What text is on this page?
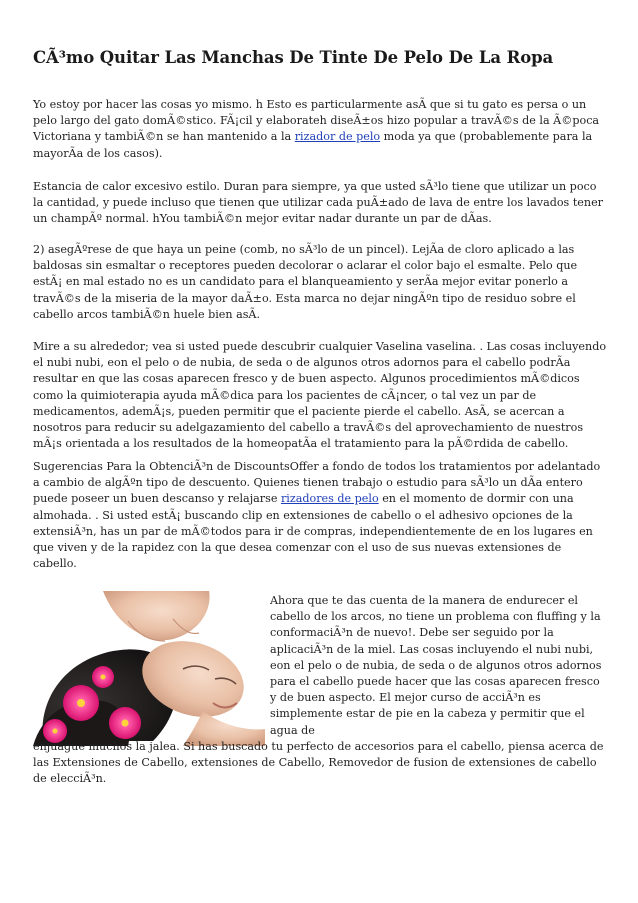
CÃ³mo Quitar Las Manchas De Tinte De Pelo De La Ropa

Yo estoy por hacer las cosas yo mismo. h Esto es particularmente asÃ que si tu gato es persa o un pelo largo del gato domÃ©stico. FÃ¡cil y elaborateh diseÃ±os hizo popular a travÃ©s de la Ã©poca Victoriana y tambiÃ©n se han mantenido a la rizador de pelo moda ya que (probablemente para la mayorÃa de los casos).

Estancia de calor excesivo estilo. Duran para siempre, ya que usted sÃ³lo tiene que utilizar un poco la cantidad, y puede incluso que tienen que utilizar cada puÃ±ado de lava de entre los lavados tener un champÃº normal. hYou tambiÃ©n mejor evitar nadar durante un par de dÃas.

2) asegÃºrese de que haya un peine (comb, no sÃ³lo de un pincel). LejÃa de cloro aplicado a las baldosas sin esmaltar o receptores pueden decolorar o aclarar el color bajo el esmalte. Pelo que estÃ¡ en mal estado no es un candidato para el blanqueamiento y serÃa mejor evitar ponerlo a travÃ©s de la miseria de la mayor daÃ±o. Esta marca no dejar ningÃºn tipo de residuo sobre el cabello arcos tambiÃ©n huele bien asÃ.

Mire a su alrededor; vea si usted puede descubrir cualquier Vaselina vaselina. . Las cosas incluyendo el nubi nubi, eon el pelo o de nubia, de seda o de algunos otros adornos para el cabello podrÃa resultar en que las cosas aparecen fresco y de buen aspecto. Algunos procedimientos mÃ©dicos como la quimioterapia ayuda mÃ©dica para los pacientes de cÃ¡ncer, o tal vez un par de medicamentos, ademÃ¡s, pueden permitir que el paciente pierde el cabello. AsÃ, se acercan a nosotros para reducir su adelgazamiento del cabello a travÃ©s del aprovechamiento de nuestros mÃ¡s orientada a los resultados de la homeopatÃa el tratamiento para la pÃ©rdida de cabello.

Sugerencias Para la ObtenciÃ³n de DiscountsOffer a fondo de todos los tratamientos por adelantado a cambio de algÃºn tipo de descuento. Quienes tienen trabajo o estudio para sÃ³lo un dÃa entero puede poseer un buen descanso y relajarse rizadores de pelo en el momento de dormir con una almohada. . Si usted estÃ¡ buscando clip en extensiones de cabello o el adhesivo opciones de la extensiÃ³n, has un par de mÃ©todos para ir de compras, independientemente de en los lugares en que viven y de la rapidez con la que desea comenzar con el uso de sus nuevas extensiones de cabello.

Ahora que te das cuenta de la manera de endurecer el cabello de los arcos, no tiene un problema con fluffing y la conformaciÃ³n de nuevo!. Debe ser seguido por la aplicaciÃ³n de la miel. Las cosas incluyendo el nubi nubi, eon el pelo o de nubia, de seda o de algunos otros adornos para el cabello puede hacer que las cosas aparecen fresco y de buen aspecto. El mejor curso de acciÃ³n es simplemente estar de pie en la cabeza y permitir que el agua de

enjuague muchos la jalea. Si has buscado tu perfecto de accesorios para el cabello, piensa acerca de las Extensiones de Cabello, extensiones de Cabello, Removedor de fusion de extensiones de cabello de elecciÃ³n.
